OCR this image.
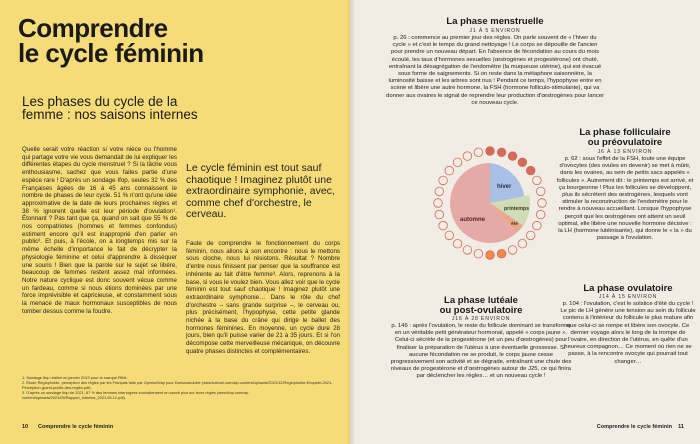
Comprendre
le cycle féminin
Les phases du cycle de la femme : nos saisons internes
Quelle serait votre réaction si votre nièce ou l'homme qui partage votre vie vous demandait de lui expliquer les différentes étapes du cycle menstruel ? Si la tâche vous enthousiasme, sachez que vous faites partie d'une espèce rare ! D'après un sondage Ifop, seules 32 % des Françaises âgées de 16 à 45 ans connaissent le nombre de phases de leur cycle. 51 % n'ont qu'une idée approximative de la date de leurs prochaines règles et 38 % ignorent quelle est leur période d'ovulation¹. Étonnant ? Pas tant que ça, quand on sait que 55 % de nos compatriotes (hommes et femmes confondus) estiment encore qu'il est inapproprié d'en parler en public². Et puis, à l'école, on a longtemps mis sur la même échelle d'importance le fait de décrypter la physiologie féminine et celui d'apprendre à disséquer une souris ! Bien que la parole sur le sujet se libère, beaucoup de femmes restent assez mal informées. Notre nature cyclique est donc souvent vécue comme un fardeau, comme si nous étions dominées par une force imprévisible et capricieuse, et constamment sous la menace de maux hormonaux susceptibles de nous tomber dessus comme la foudre.
Le cycle féminin est tout sauf chaotique ! Imaginez plutôt une extraordinaire symphonie, avec, comme chef d'orchestre, le cerveau.
Faute de comprendre le fonctionnement du corps féminin, nous allons à son encontre : nous le mettons sous cloche, nous lui résistons. Résultat ? Nombre d'entre nous finissent par penser que la souffrance est inhérente au fait d'être femme³. Alors, reprenons à la base, si vous le voulez bien. Vous allez voir que le cycle féminin est tout sauf chaotique ! Imaginez plutôt une extraordinaire symphonie… Dans le rôle du chef d'orchestre – sans grande surprise –, le cerveau ou, plus précisément, l'hypophyse, cette petite glande nichée à la base du crâne qui dirige le ballet des hormones féminines. En moyenne, un cycle dure 28 jours, bien qu'il puisse varier de 21 à 35 jours. Et si l'on décompose cette merveilleuse mécanique, on découvre quatre phases distinctes et complémentaires.
1. Sondage Ifop réalisé en janvier 2019 pour la marque Fitbit.
2. Étude Règlophobie, perception des règles par les Français faite par OpinionWay pour Dansmaculotte (www.kafuné.com/wp-content/uploads/2021/12/Reglophobie-Enquete-2021-Perception-grand-public-des-regles.pdf).
3. D'après un sondage Ifop de 2021, 87 % des femmes interrogées souhaiteraient en savoir plus sur leurs règles (www.ifop.com/wp-content/uploads/2021/05/Rapport_Intimina_2021.05.12.pdf).
10 Comprendre le cycle féminin
La phase menstruelle
J1 À 5 ENVIRON
p. 26 : commence au premier jour des règles. On parle souvent de « l'hiver du cycle » et c'est le temps du grand nettoyage ! Le corps se dépouille de l'ancien pour prendre un nouveau départ. En l'absence de fécondation au cours du mois écoulé, les taux d'hormones sexuelles (œstrogènes et progestérone) ont chuté, entraînant la désagrégation de l'endomètre (la muqueuse utérine), qui est évacué sous forme de saignements. Si on reste dans la métaphore saisonnière, la luminosité baisse et les arbres sont nus ! Pendant ce temps, l'hypophyse entre en scène et libère une autre hormone, la FSH (hormone folliculo-stimulante), qui va donner aux ovaires le signal de reprendre leur production d'œstrogènes pour lancer ce nouveau cycle.
La phase folliculaire
ou préovulatoire
J6 À 13 ENVIRON
p. 62 : sous l'effet de la FSH, toute une équipe d'ovocytes (des ovules en devenir) se met à mûrir, dans les ovaires, au sein de petits sacs appelés « follicules ». Autrement dit : le printemps est arrivé, et ça bourgeonne ! Plus les follicules se développent, plus ils sécrètent des œstrogènes, lesquels vont stimuler la reconstruction de l'endomètre pour le rendre à nouveau accueillant. Lorsque l'hypophyse perçoit que les œstrogènes ont atteint un seuil optimal, elle libère une nouvelle hormone décisive : la LH (hormone lutéinisante), qui donne le « la » du passage à l'ovulation.
hiver
printemps
été
automne
La phase ovulatoire
J14 À 15 ENVIRON
p. 104 : l'ovulation, c'est le solstice d'été du cycle ! Le pic de LH génère une tension au sein du follicule contenu à l'intérieur du follicule le plus mature afin que celui-ci se rompe et libère son ovocyte. Ce dernier voyage alors le long de la trompe de l'ovaire, en direction de l'utérus, en quête d'un heureux compagnon… Ce moment où rien ne se passe, à la rencontre ovocyte qui pourrait tout changer…
La phase lutéale
ou post-ovulatoire
J16 À 28 ENVIRON
p. 146 : après l'ovulation, le reste du follicule dominant se transforme en un véritable petit générateur hormonal, appelé « corps jaune ». Celui-ci sécrète de la progestérone (et un peu d'œstrogènes) pour finaliser la préparation de l'utérus à une éventuelle grossesse. Si aucune fécondation ne se produit, le corps jaune cesse progressivement son activité et se dégrade, entraînant une chute des niveaux de progestérone et d'œstrogènes autour de J25, ce qui finira par déclencher les règles… et un nouveau cycle !
Comprendre le cycle féminin 11
